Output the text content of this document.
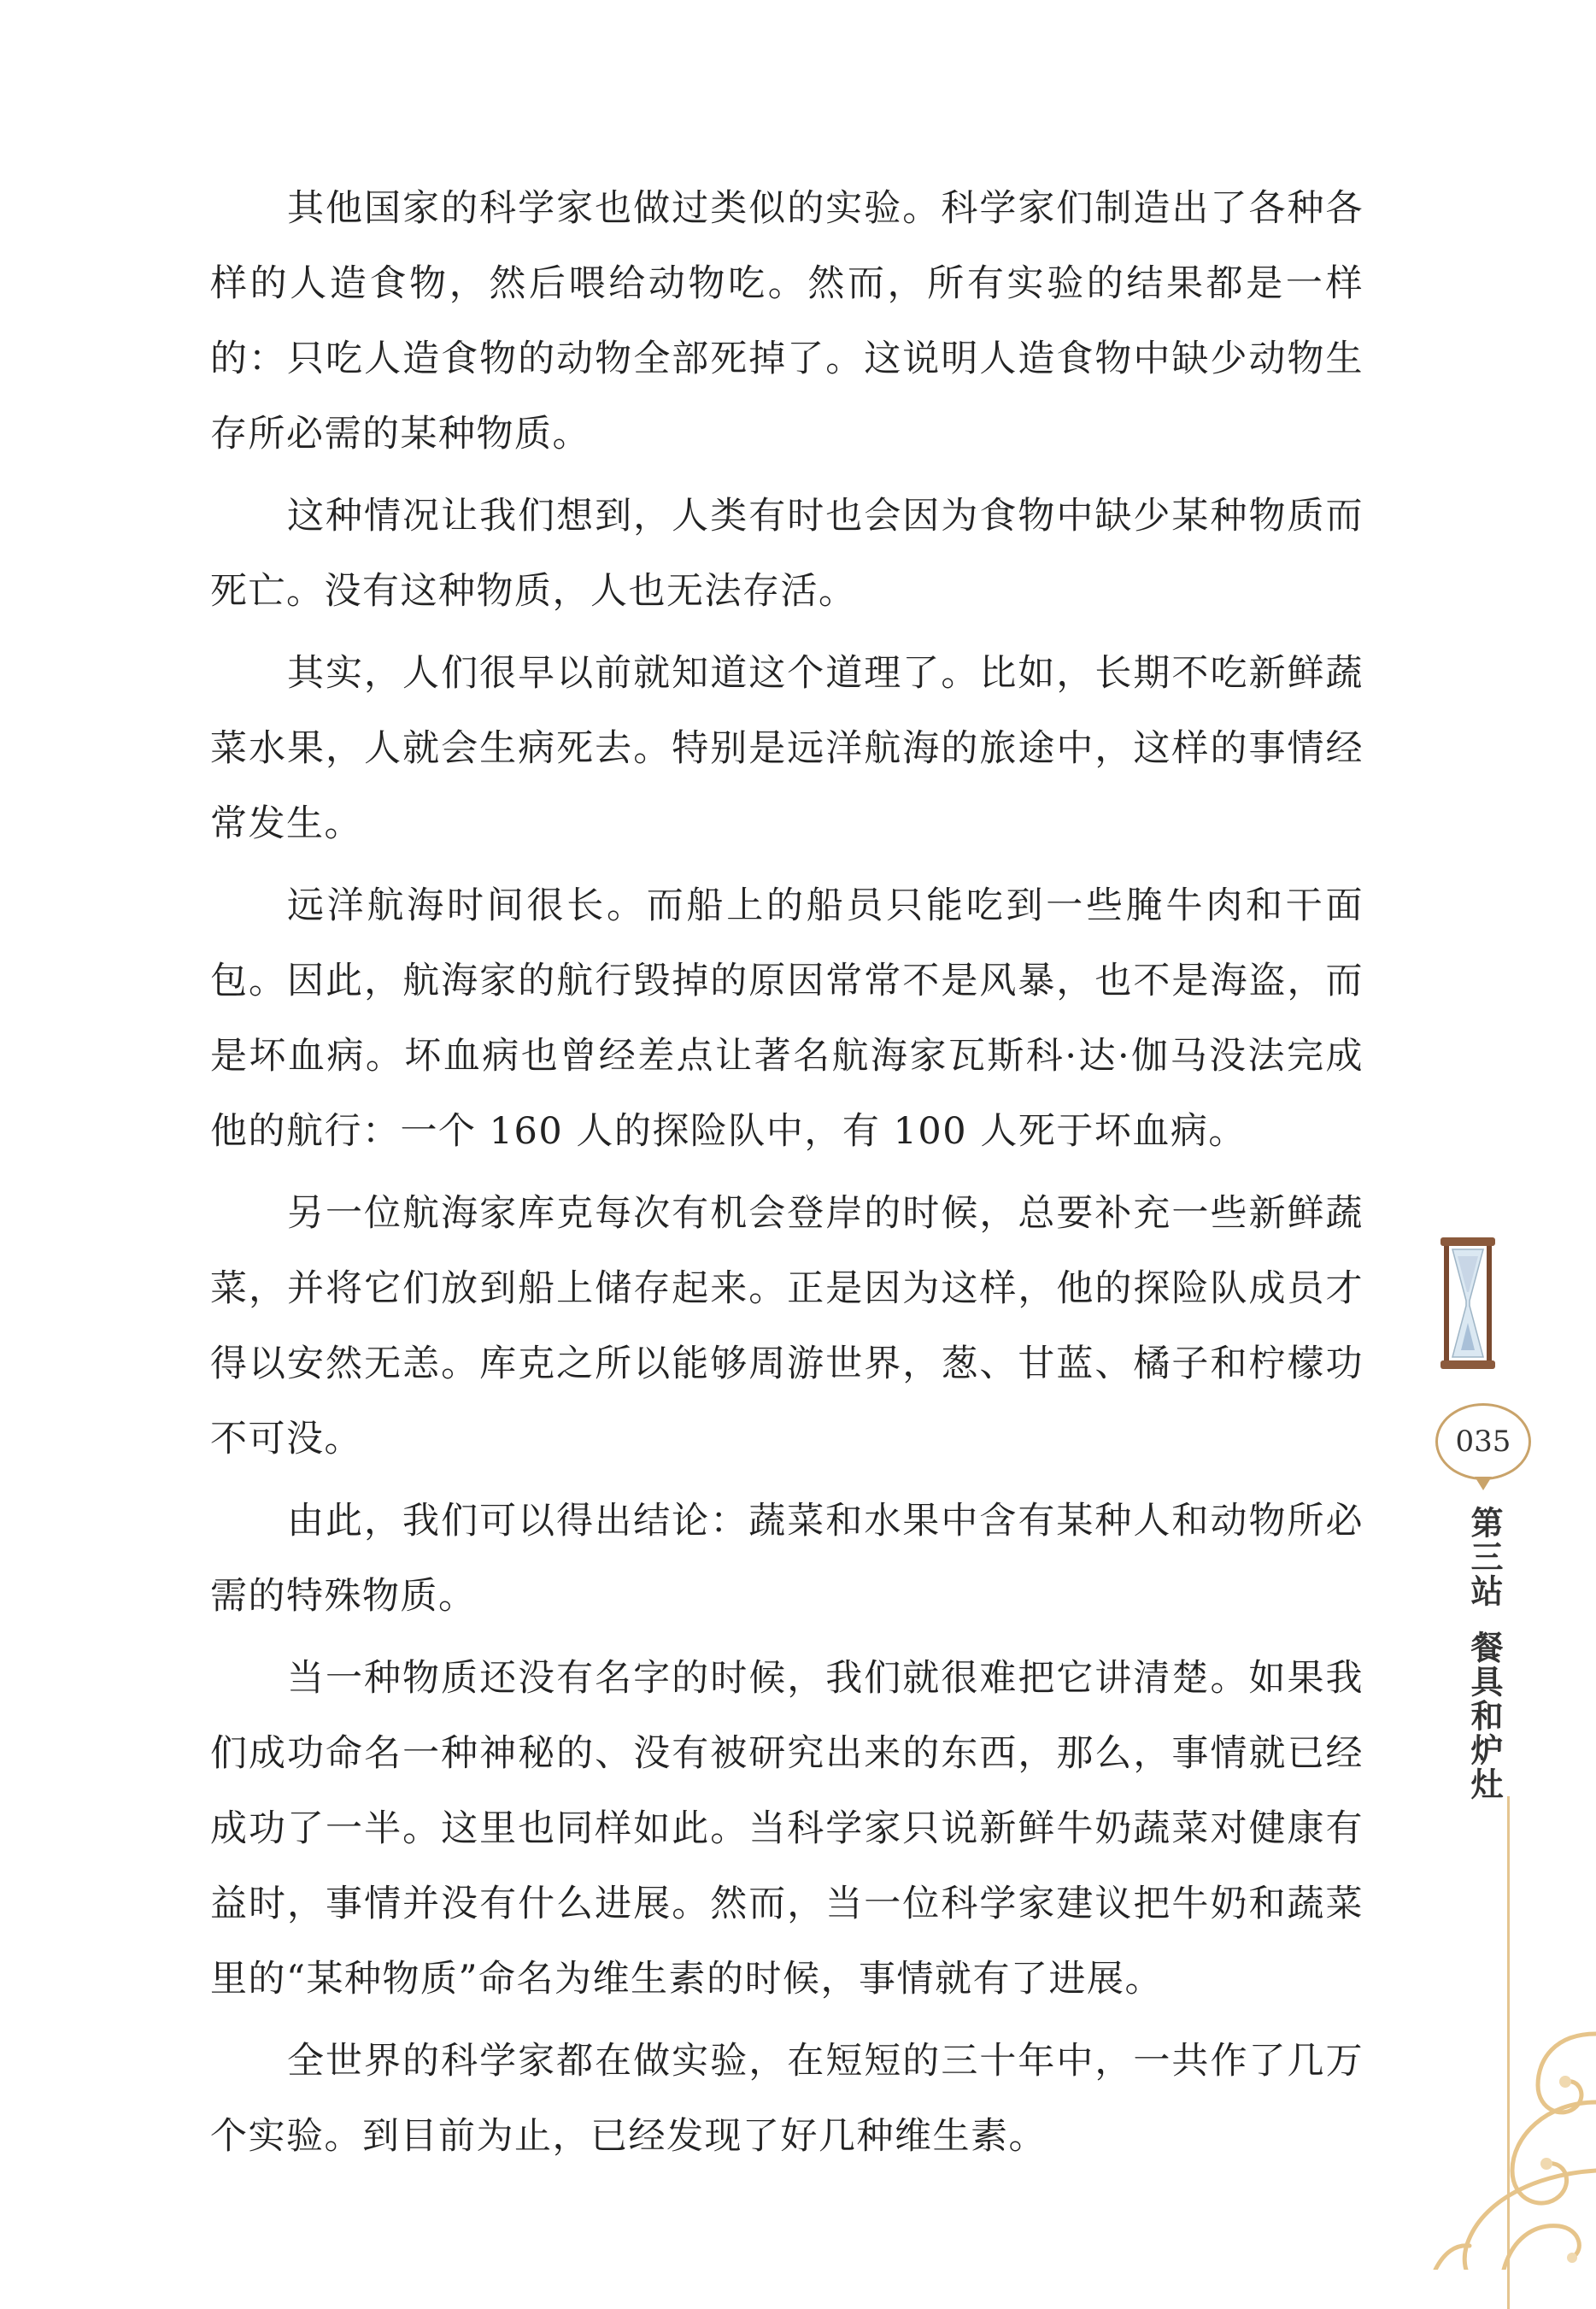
其他国家的科学家也做过类似的实验。科学家们制造出了各种各样的人造食物，然后喂给动物吃。然而，所有实验的结果都是一样的：只吃人造食物的动物全部死掉了。这说明人造食物中缺少动物生存所必需的某种物质。

这种情况让我们想到，人类有时也会因为食物中缺少某种物质而死亡。没有这种物质，人也无法存活。

其实，人们很早以前就知道这个道理了。比如，长期不吃新鲜蔬菜水果，人就会生病死去。特别是远洋航海的旅途中，这样的事情经常发生。

远洋航海时间很长。而船上的船员只能吃到一些腌牛肉和干面包。因此，航海家的航行毁掉的原因常常不是风暴，也不是海盗，而是坏血病。坏血病也曾经差点让著名航海家瓦斯科·达·伽马没法完成他的航行：一个 160 人的探险队中，有 100 人死于坏血病。

另一位航海家库克每次有机会登岸的时候，总要补充一些新鲜蔬菜，并将它们放到船上储存起来。正是因为这样，他的探险队成员才得以安然无恙。库克之所以能够周游世界，葱、甘蓝、橘子和柠檬功不可没。

由此，我们可以得出结论：蔬菜和水果中含有某种人和动物所必需的特殊物质。

当一种物质还没有名字的时候，我们就很难把它讲清楚。如果我们成功命名一种神秘的、没有被研究出来的东西，那么，事情就已经成功了一半。这里也同样如此。当科学家只说新鲜牛奶蔬菜对健康有益时，事情并没有什么进展。然而，当一位科学家建议把牛奶和蔬菜里的“某种物质”命名为维生素的时候，事情就有了进展。

全世界的科学家都在做实验，在短短的三十年中，一共作了几万个实验。到目前为止，已经发现了好几种维生素。

035
第三站餐具和炉灶
